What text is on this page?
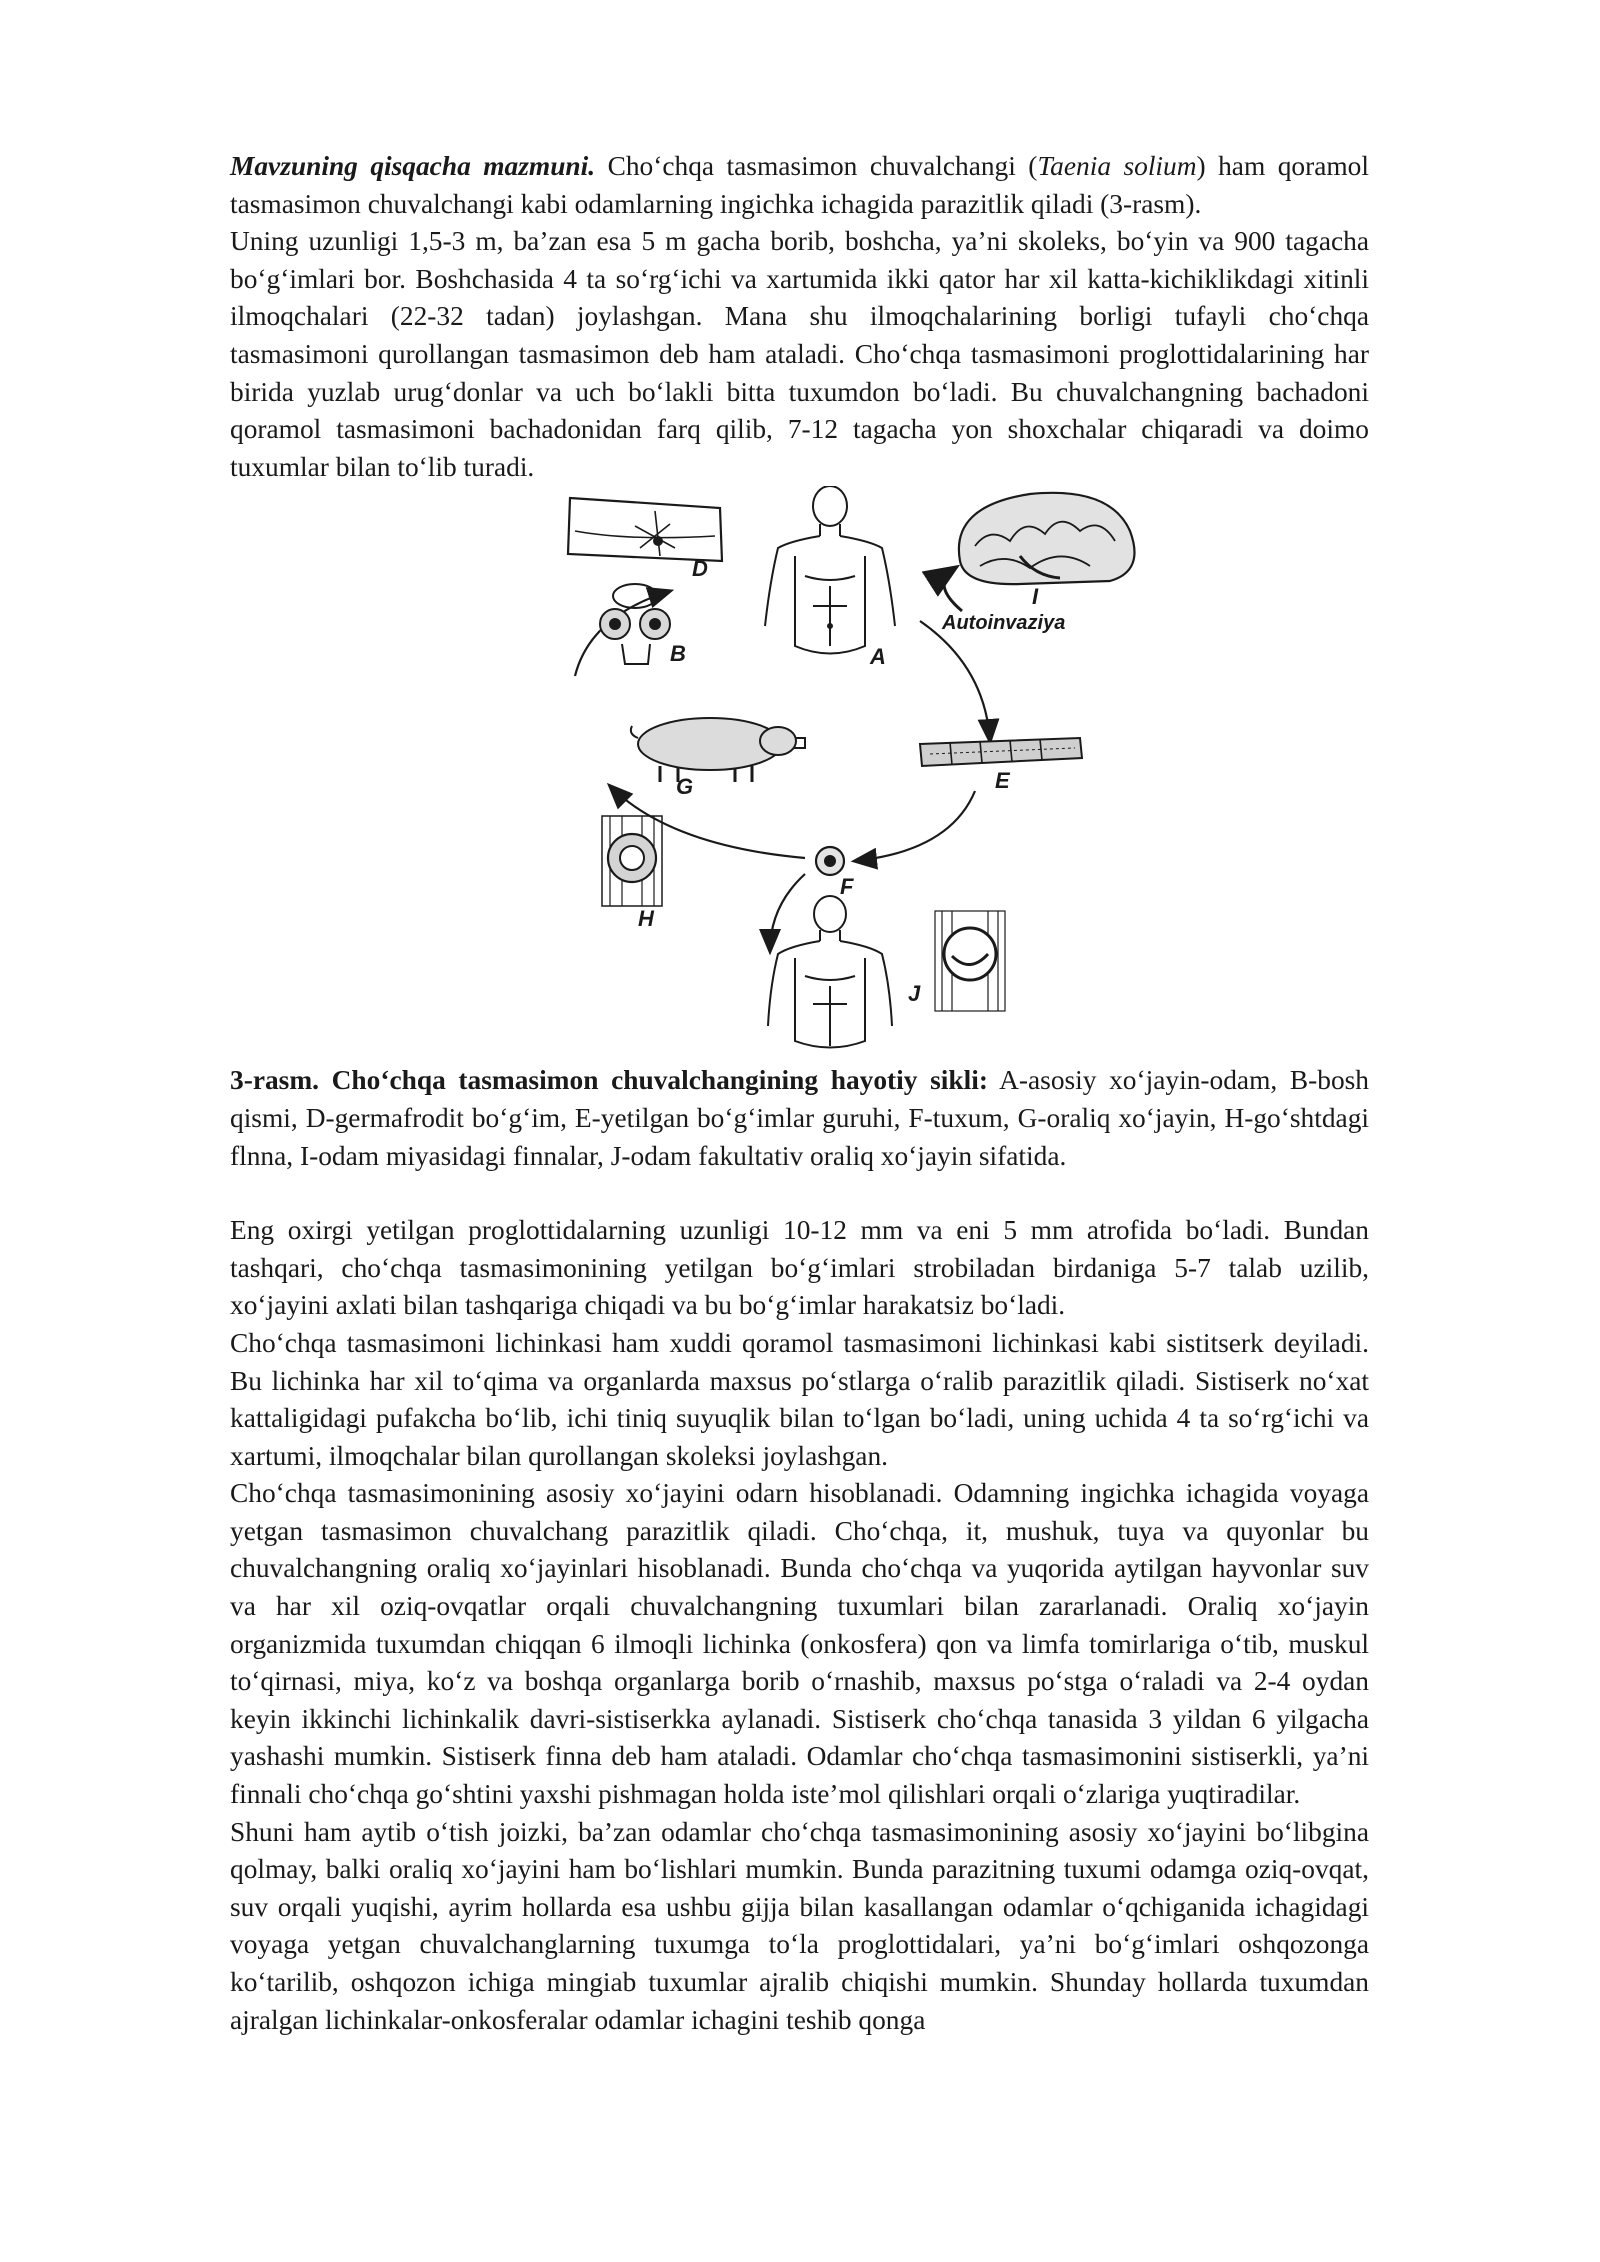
Mavzuning qisqacha mazmuni. Cho‘chqa tasmasimon chuvalchangi (Taenia solium) ham qoramol tasmasimon chuvalchangi kabi odamlarning ingichka ichagida parazitlik qiladi (3-rasm).

Uning uzunligi 1,5-3 m, ba’zan esa 5 m gacha borib, boshcha, ya’ni skoleks, bo‘yin va 900 tagacha bo‘g‘imlari bor. Boshchasida 4 ta so‘rg‘ichi va xartumida ikki qator har xil katta-kichiklikdagi xitinli ilmoqchalari (22-32 tadan) joylashgan. Mana shu ilmoqchalarining borligi tufayli cho‘chqa tasmasimoni qurollangan tasmasimon deb ham ataladi. Cho‘chqa tasmasimoni proglottidalarining har birida yuzlab urug‘donlar va uch bo‘lakli bitta tuxumdon bo‘ladi. Bu chuvalchangning bachadoni qoramol tasmasimoni bachadonidan farq qilib, 7-12 tagacha yon shoxchalar chiqaradi va doimo tuxumlar bilan to‘lib turadi.

D
B	A
I
G	E
F
H
J
Autoinvaziya

3-rasm. Cho‘chqa tasmasimon chuvalchangining hayotiy sikli: A-asosiy xo‘jayin-odam, B-bosh qismi, D-germafrodit bo‘g‘im, E-yetilgan bo‘g‘imlar guruhi, F-tuxum, G-oraliq xo‘jayin, H-go‘shtdagi flnna, I-odam miyasidagi finnalar, J-odam fakultativ oraliq xo‘jayin sifatida.

Eng oxirgi yetilgan proglottidalarning uzunligi 10-12 mm va eni 5 mm atrofida bo‘ladi. Bundan tashqari, cho‘chqa tasmasimonining yetilgan bo‘g‘imlari strobiladan birdaniga 5-7 talab uzilib, xo‘jayini axlati bilan tashqariga chiqadi va bu bo‘g‘imlar harakatsiz bo‘ladi.

Cho‘chqa tasmasimoni lichinkasi ham xuddi qoramol tasmasimoni lichinkasi kabi sistitserk deyiladi. Bu lichinka har xil to‘qima va organlarda maxsus po‘stlarga o‘ralib parazitlik qiladi. Sistiserk no‘xat kattaligidagi pufakcha bo‘lib, ichi tiniq suyuqlik bilan to‘lgan bo‘ladi, uning uchida 4 ta so‘rg‘ichi va xartumi, ilmoqchalar bilan qurollangan skoleksi joylashgan.

Cho‘chqa tasmasimonining asosiy xo‘jayini odarn hisoblanadi. Odamning ingichka ichagida voyaga yetgan tasmasimon chuvalchang parazitlik qiladi. Cho‘chqa, it, mushuk, tuya va quyonlar bu chuvalchangning oraliq xo‘jayinlari hisoblanadi. Bunda cho‘chqa va yuqorida aytilgan hayvonlar suv va har xil oziq-ovqatlar orqali chuvalchangning tuxumlari bilan zararlanadi. Oraliq xo‘jayin organizmida tuxumdan chiqqan 6 ilmoqli lichinka (onkosfera) qon va limfa tomirlariga o‘tib, muskul to‘qirnasi, miya, ko‘z va boshqa organlarga borib o‘rnashib, maxsus po‘stga o‘raladi va 2-4 oydan keyin ikkinchi lichinkalik davri-sistiserkka aylanadi. Sistiserk cho‘chqa tanasida 3 yildan 6 yilgacha yashashi mumkin. Sistiserk finna deb ham ataladi. Odamlar cho‘chqa tasmasimonini sistiserkli, ya’ni finnali cho‘chqa go‘shtini yaxshi pishmagan holda iste’mol qilishlari orqali o‘zlariga yuqtiradilar.

Shuni ham aytib o‘tish joizki, ba’zan odamlar cho‘chqa tasmasimonining asosiy xo‘jayini bo‘libgina qolmay, balki oraliq xo‘jayini ham bo‘lishlari mumkin. Bunda parazitning tuxumi odamga oziq-ovqat, suv orqali yuqishi, ayrim hollarda esa ushbu gijja bilan kasallangan odamlar o‘qchiganida ichagidagi voyaga yetgan chuvalchanglarning tuxumga to‘la proglottidalari, ya’ni bo‘g‘imlari oshqozonga ko‘tarilib, oshqozon ichiga mingiab tuxumlar ajralib chiqishi mumkin. Shunday hollarda tuxumdan ajralgan lichinkalar-onkosferalar odamlar ichagini teshib qonga
